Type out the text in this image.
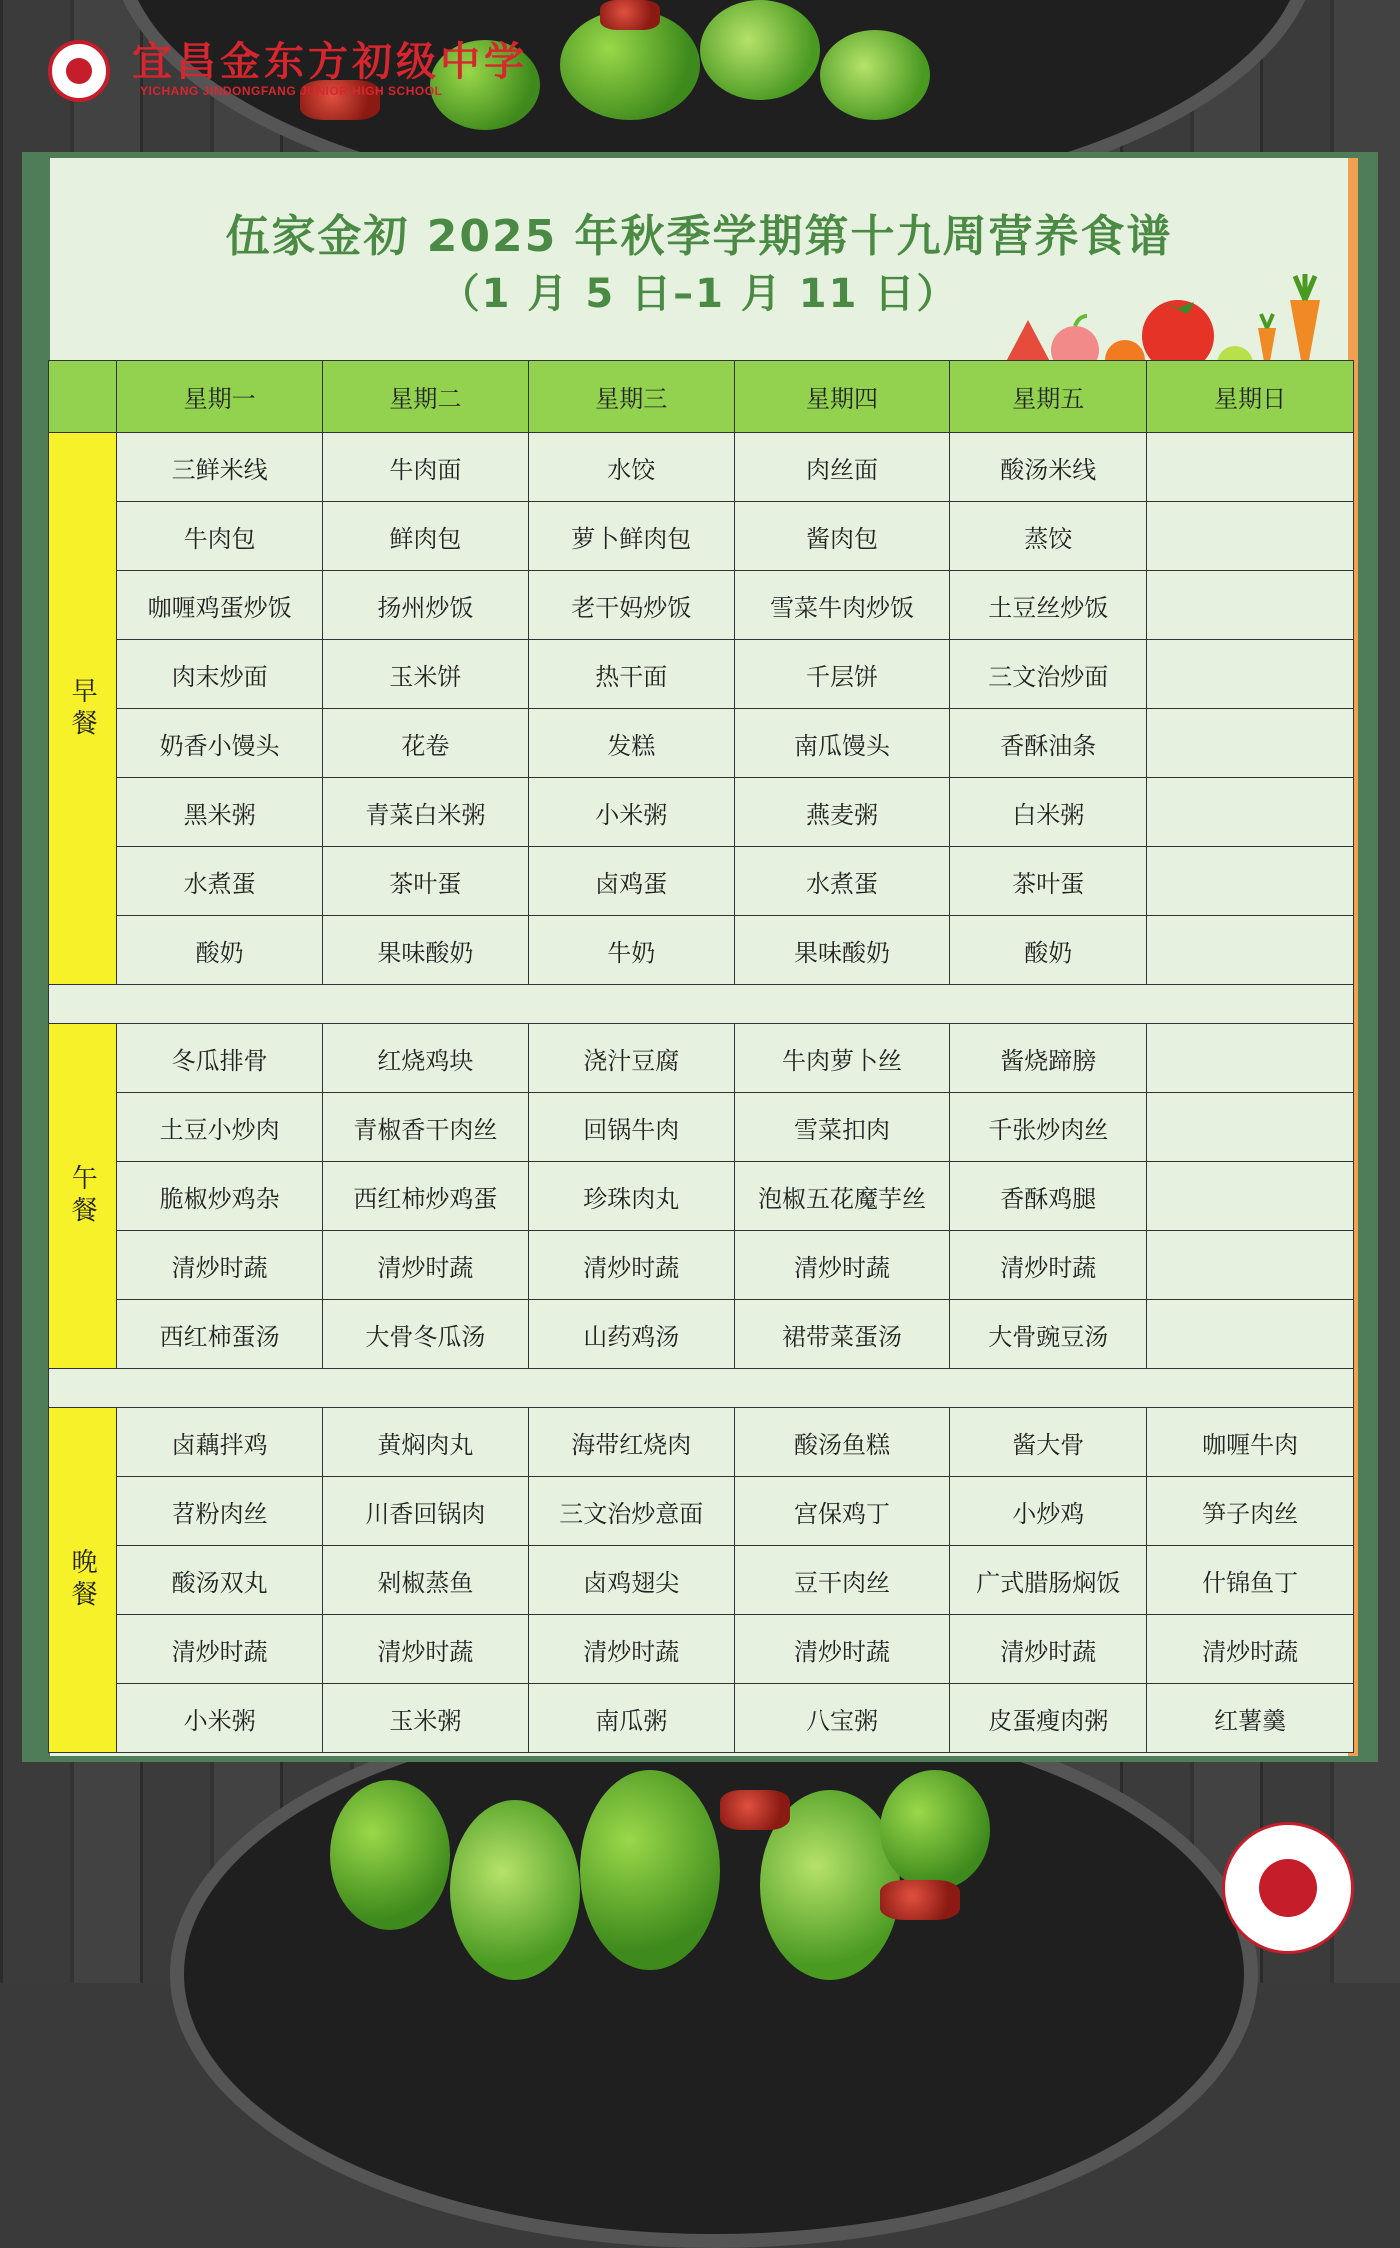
宜昌金东方初级中学
YICHANG JINDONGFANG JUNIOR HIGH SCHOOL
伍家金初 2025 年秋季学期第十九周营养食谱
（1 月 5 日–1 月 11 日）
	星期一	星期二	星期三	星期四	星期五	星期日
早餐	三鲜米线	牛肉面	水饺	肉丝面	酸汤米线	
	牛肉包	鲜肉包	萝卜鲜肉包	酱肉包	蒸饺	
	咖喱鸡蛋炒饭	扬州炒饭	老干妈炒饭	雪菜牛肉炒饭	土豆丝炒饭	
	肉末炒面	玉米饼	热干面	千层饼	三文治炒面	
	奶香小馒头	花卷	发糕	南瓜馒头	香酥油条	
	黑米粥	青菜白米粥	小米粥	燕麦粥	白米粥	
	水煮蛋	茶叶蛋	卤鸡蛋	水煮蛋	茶叶蛋	
	酸奶	果味酸奶	牛奶	果味酸奶	酸奶	

午餐	冬瓜排骨	红烧鸡块	浇汁豆腐	牛肉萝卜丝	酱烧蹄膀	
	土豆小炒肉	青椒香干肉丝	回锅牛肉	雪菜扣肉	千张炒肉丝	
	脆椒炒鸡杂	西红柿炒鸡蛋	珍珠肉丸	泡椒五花魔芋丝	香酥鸡腿	
	清炒时蔬	清炒时蔬	清炒时蔬	清炒时蔬	清炒时蔬	
	西红柿蛋汤	大骨冬瓜汤	山药鸡汤	裙带菜蛋汤	大骨豌豆汤	

晚餐	卤藕拌鸡	黄焖肉丸	海带红烧肉	酸汤鱼糕	酱大骨	咖喱牛肉
	苕粉肉丝	川香回锅肉	三文治炒意面	宫保鸡丁	小炒鸡	笋子肉丝
	酸汤双丸	剁椒蒸鱼	卤鸡翅尖	豆干肉丝	广式腊肠焖饭	什锦鱼丁
	清炒时蔬	清炒时蔬	清炒时蔬	清炒时蔬	清炒时蔬	清炒时蔬
	小米粥	玉米粥	南瓜粥	八宝粥	皮蛋瘦肉粥	红薯羹
